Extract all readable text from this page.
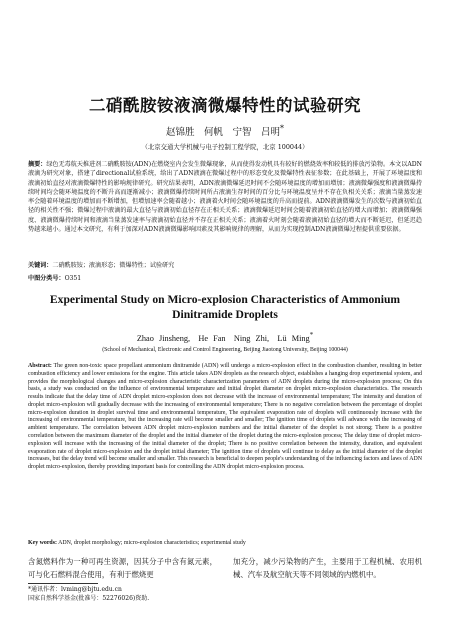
二硝酰胺铵液滴微爆特性的试验研究
赵锦胜　何帆　宁智　吕明*
（北京交通大学机械与电子控制工程学院，北京 100044）

摘要：绿色无毒航天推进剂二硝酰胺铵(ADN)在燃烧室内会发生微爆现象，从而使得发动机具有较好的燃烧效率和较低的排放污染物。本文以ADN液滴为研究对象，搭建了directional试验系统，给出了ADN液滴在微爆过程中的形态变化及微爆特性表征参数；在此基础上，开展了环境温度和液滴初始直径对液滴微爆特性的影响规律研究。研究结果表明，ADN液滴微爆延迟时间不会随环境温度的增加而增加；液滴微爆强度和液滴微爆持续时间均会随环境温度的不断升高而逐渐减小；液滴微爆持续时间所占液滴生存时间的百分比与环境温度呈并不存在负相关关系；液滴当量蒸发速率会随着环境温度的增加而不断增加，但增加速率会随着越小；液滴着火时间会随环境温度的升高而提前。ADN液滴微爆发生的次数与液滴初始直径的相关性不强；微爆过程中液滴的最大直径与液滴初始直径存在正相关关系；液滴微爆延迟时间会随着液滴初始直径的增大而增加；液滴微爆强度、液滴微爆持续时间和液滴当量蒸发速率与液滴初始直径并不存在正相关关系；液滴着火时刻会随着液滴初始直径的增大而不断延迟，但延迟趋势越来越小。通过本文研究，有利于加深对ADN液滴微爆影响因素及其影响规律的理解，从而为实现控制ADN液滴微爆过程提供重要依据。

关键词：二硝酰胺铵；液滴形态；微爆特性；试验研究

中图分类号：O351

Experimental Study on Micro-explosion Characteristics of Ammonium
Dinitramide Droplets
Zhao Jinsheng,　He Fan　Ning Zhi,　Lü Ming*
(School of Mechanical, Electronic and Control Engineering, Beijing Jiaotong University, Beijing 100044)

Abstract: The green non-toxic space propellant ammonium dinitramide (ADN) will undergo a micro-explosion effect in the combustion chamber, resulting in better combustion efficiency and lower emissions for the engine. This article takes ADN droplets as the research object, establishes a hanging drop experimental system, and provides the morphological changes and micro-explosion characteristic characterization parameters of ADN droplets during the micro-explosion process; On this basis, a study was conducted on the influence of environmental temperature and initial droplet diameter on droplet micro-explosion characteristics. The research results indicate that the delay time of ADN droplet micro-explosion does not decrease with the increase of environmental temperature; The intensity and duration of droplet micro-explosion will gradually decrease with the increasing of environmental temperature; There is no negative correlation between the percentage of droplet micro-explosion duration in droplet survival time and environmental temperature, The equivalent evaporation rate of droplets will continuously increase with the increasing of environmental temperature, but the increasing rate will become smaller and smaller; The ignition time of droplets will advance with the increasing of ambient temperature. The correlation between ADN droplet micro-explosion numbers and the initial diameter of the droplet is not strong; There is a positive correlation between the maximum diameter of the droplet and the initial diameter of the droplet during the micro-explosion process; The delay time of droplet micro-explosion will increase with the increasing of the initial diameter of the droplet; There is no positive correlation between the intensity, duration, and equivalent evaporation rate of droplet micro-explosion and the droplet initial diameter; The ignition time of droplets will continue to delay as the initial diameter of the droplet increases, but the delay trend will become smaller and smaller. This research is beneficial to deepen people's understanding of the influencing factors and laws of ADN droplet micro-explosion, thereby providing important basis for controlling the ADN droplet micro-explosion process.

Key words: ADN, droplet morphology; micro-explosion characteristics; experimental study

含氮燃料作为一种可再生资源，因其分子中含有氮元素，可与化石燃料混合使用，有利于燃烧更
加充分，减少污染物的产生，主要用于工程机械、农用机械、汽车及航空航天等不同领域的内燃机中。
*通讯作者：lvming@bjtu.edu.cn
国家自然科学基金(批准号：52276026)资助.
